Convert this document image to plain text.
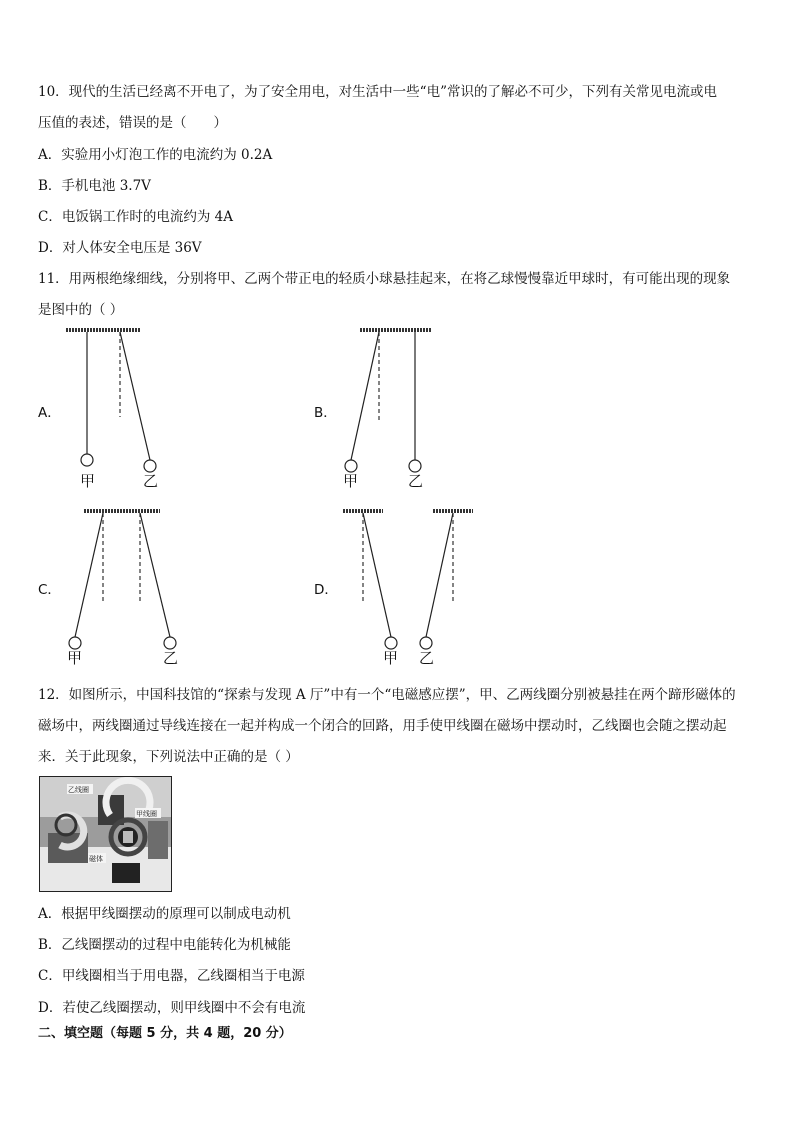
10．现代的生活已经离不开电了，为了安全用电，对生活中一些“电”常识的了解必不可少，下列有关常见电流或电
压值的表述，错误的是（　　）
A．实验用小灯泡工作的电流约为 0.2A
B．手机电池 3.7V
C．电饭锅工作时的电流约为 4A
D．对人体安全电压是 36V
11．用两根绝缘细线，分别将甲、乙两个带正电的轻质小球悬挂起来，在将乙球慢慢靠近甲球时，有可能出现的现象
是图中的（ ）
A．	B．
C．	D．
甲	乙	甲	乙
甲	乙	甲 乙
12．如图所示，中国科技馆的“探索与发现 A 厅”中有一个“电磁感应摆”，甲、乙两线圈分别被悬挂在两个蹄形磁体的
磁场中，两线圈通过导线连接在一起并构成一个闭合的回路，用手使甲线圈在磁场中摆动时，乙线圈也会随之摆动起
来．关于此现象，下列说法中正确的是（ ）
乙线圈
甲线圈
磁体
A．根据甲线圈摆动的原理可以制成电动机
B．乙线圈摆动的过程中电能转化为机械能
C．甲线圈相当于用电器，乙线圈相当于电源
D．若使乙线圈摆动，则甲线圈中不会有电流
二、填空题（每题 5 分，共 4 题，20 分）
